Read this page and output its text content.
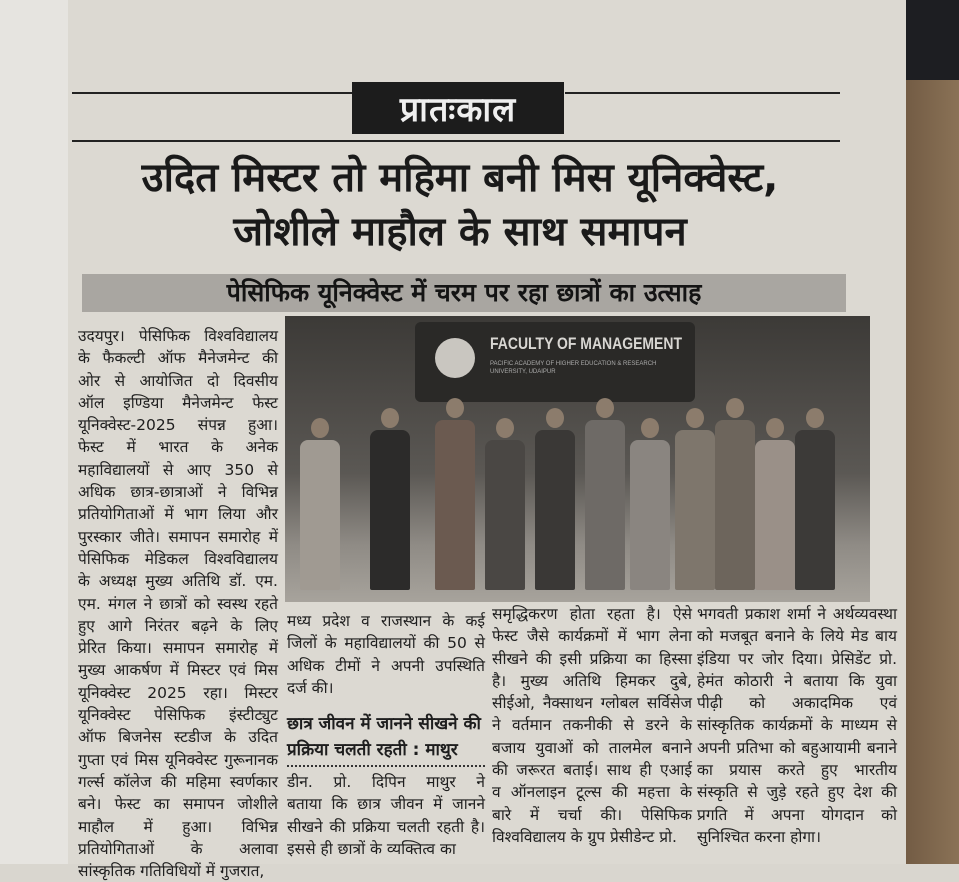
प्रातःकाल
उदित मिस्टर तो महिमा बनी मिस यूनिक्वेस्ट,
जोशीले माहौल के साथ समापन
पेसिफिक यूनिक्वेस्ट में चरम पर रहा छात्रों का उत्साह
FACULTY OF MANAGEMENT
PACIFIC ACADEMY OF HIGHER EDUCATION & RESEARCH UNIVERSITY, UDAIPUR
उदयपुर। पेसिफिक विश्वविद्यालय
के फैकल्टी ऑफ मैनेजमेन्ट की
ओर से आयोजित दो दिवसीय
ऑल इण्डिया मैनेजमेन्ट फेस्ट
यूनिक्वेस्ट-2025 संपन्न हुआ।
फेस्ट में भारत के अनेक
महाविद्यालयों से आए 350 से
अधिक छात्र-छात्राओं ने विभिन्न
प्रतियोगिताओं में भाग लिया और
पुरस्कार जीते। समापन समारोह में
पेसिफिक मेडिकल विश्वविद्यालय
के अध्यक्ष मुख्य अतिथि डॉ. एम.
एम. मंगल ने छात्रों को स्वस्थ रहते
हुए आगे निरंतर बढ़ने के लिए
प्रेरित किया। समापन समारोह में
मुख्य आकर्षण में मिस्टर एवं मिस
यूनिक्वेस्ट 2025 रहा। मिस्टर
यूनिक्वेस्ट पेसिफिक इंस्टीट्युट
ऑफ बिजनेस स्टडीज के उदित
गुप्ता एवं मिस यूनिक्वेस्ट गुरूनानक
गर्ल्स कॉलेज की महिमा स्वर्णकार
बने। फेस्ट का समापन जोशीले
माहौल में हुआ। विभिन्न
प्रतियोगिताओं के अलावा
सांस्कृतिक गतिविधियों में गुजरात,
मध्य प्रदेश व राजस्थान के कई
जिलों के महाविद्यालयों की 50 से
अधिक टीमों ने अपनी उपस्थिति
दर्ज की।
छात्र जीवन में जानने सीखने की
प्रक्रिया चलती रहती : माथुर
डीन. प्रो. दिपिन माथुर ने
बताया कि छात्र जीवन में जानने
सीखने की प्रक्रिया चलती रहती है।
इससे ही छात्रों के व्यक्तित्व का
समृद्धिकरण होता रहता है। ऐसे
फेस्ट जैसे कार्यक्रमों में भाग लेना
सीखने की इसी प्रक्रिया का हिस्सा
है। मुख्य अतिथि हिमकर दुबे,
सीईओ, नैक्साथन ग्लोबल सर्विसेज
ने वर्तमान तकनीकी से डरने के
बजाय युवाओं को तालमेल बनाने
की जरूरत बताई। साथ ही एआई
व ऑनलाइन टूल्स की महत्ता के
बारे में चर्चा की। पेसिफिक
विश्वविद्यालय के ग्रुप प्रेसीडेन्ट प्रो.
भगवती प्रकाश शर्मा ने अर्थव्यवस्था
को मजबूत बनाने के लिये मेड बाय
इंडिया पर जोर दिया। प्रेसिडेंट प्रो.
हेमंत कोठारी ने बताया कि युवा
पीढ़ी को अकादमिक एवं
सांस्कृतिक कार्यक्रमों के माध्यम से
अपनी प्रतिभा को बहुआयामी बनाने
का प्रयास करते हुए भारतीय
संस्कृति से जुड़े रहते हुए देश की
प्रगति में अपना योगदान को
सुनिश्चित करना होगा।
